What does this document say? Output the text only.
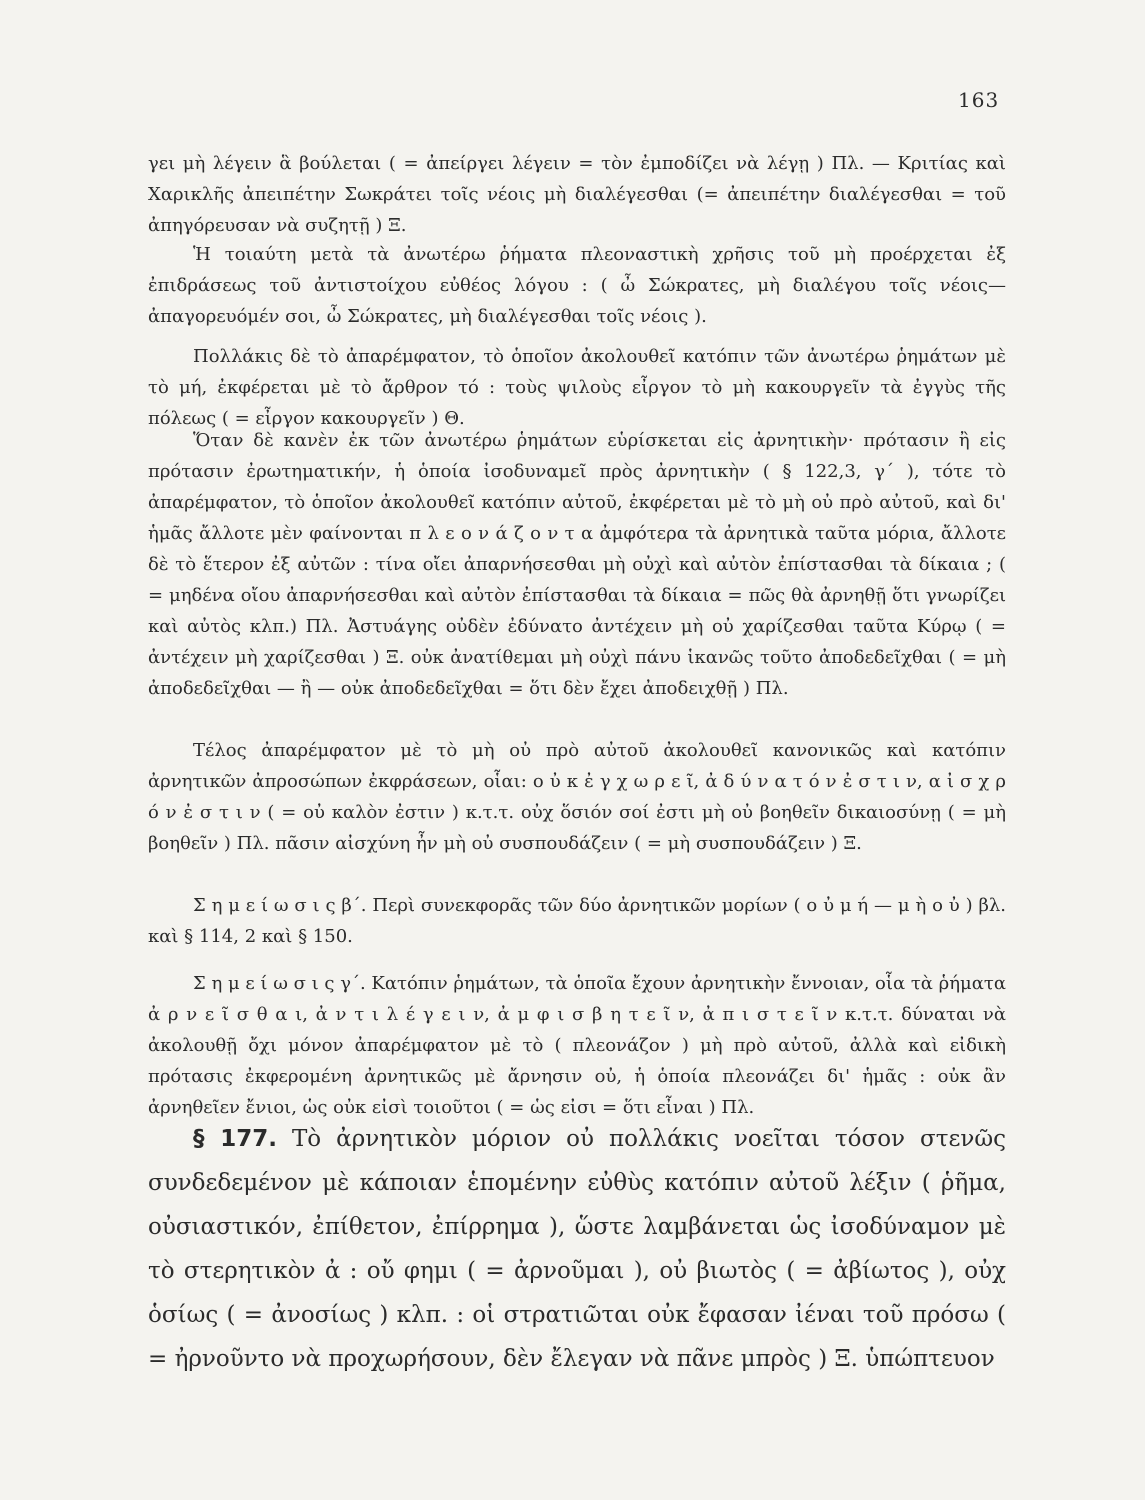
163

γει μὴ λέγειν ἃ βούλεται ( = ἀπείργει λέγειν = τὸν ἐμποδίζει νὰ λέγῃ ) Πλ. — Κριτίας καὶ Χαρικλῆς ἀπειπέτην Σωκράτει τοῖς νέοις μὴ διαλέγεσθαι (= ἀπειπέτην διαλέγεσθαι = τοῦ ἀπηγόρευσαν νὰ συζητῇ ) Ξ.

Ἡ τοιαύτη μετὰ τὰ ἀνωτέρω ῥήματα πλεοναστικὴ χρῆσις τοῦ μὴ προέρχεται ἐξ ἐπιδράσεως τοῦ ἀντιστοίχου εὐθέος λόγου : ( ὦ Σώκρατες, μὴ διαλέγου τοῖς νέοις—ἀπαγορευόμέν σοι, ὦ Σώκρατες, μὴ διαλέγεσθαι τοῖς νέοις ).

Πολλάκις δὲ τὸ ἀπαρέμφατον, τὸ ὁποῖον ἀκολουθεῖ κατόπιν τῶν ἀνωτέρω ῥημάτων μὲ τὸ μή, ἐκφέρεται μὲ τὸ ἄρθρον τό : τοὺς ψιλοὺς εἶργον τὸ μὴ κακουργεῖν τὰ ἐγγὺς τῆς πόλεως ( = εἶργον κακουργεῖν ) Θ.

Ὅταν δὲ κανὲν ἐκ τῶν ἀνωτέρω ῥημάτων εὑρίσκεται εἰς ἀρνητικὴν· πρότασιν ἢ εἰς πρότασιν ἐρωτηματικήν, ἡ ὁποία ἰσοδυναμεῖ πρὸς ἀρνητικὴν ( § 122,3, γ΄ ), τότε τὸ ἀπαρέμφατον, τὸ ὁποῖον ἀκολουθεῖ κατόπιν αὐτοῦ, ἐκφέρεται μὲ τὸ μὴ οὐ πρὸ αὐτοῦ, καὶ δι' ἡμᾶς ἄλλοτε μὲν φαίνονται π λ ε ο ν ά ζ ο ν τ α ἀμφότερα τὰ ἀρνητικὰ ταῦτα μόρια, ἄλλοτε δὲ τὸ ἕτερον ἐξ αὐτῶν : τίνα οἴει ἀπαρνήσεσθαι μὴ οὐχὶ καὶ αὐτὸν ἐπίστασθαι τὰ δίκαια ; ( = μηδένα οἴου ἀπαρνήσεσθαι καὶ αὐτὸν ἐπίστασθαι τὰ δίκαια = πῶς θὰ ἀρνηθῇ ὅτι γνωρίζει καὶ αὐτὸς κλπ.) Πλ. Ἀστυάγης οὐδὲν ἐδύνατο ἀντέχειν μὴ οὐ χαρίζεσθαι ταῦτα Κύρῳ ( = ἀντέχειν μὴ χαρίζεσθαι ) Ξ. οὐκ ἀνατίθεμαι μὴ οὐχὶ πάνυ ἱκανῶς τοῦτο ἀποδεδεῖχθαι ( = μὴ ἀποδεδεῖχθαι — ἢ — οὐκ ἀποδεδεῖχθαι = ὅτι δὲν ἔχει ἀποδειχθῇ ) Πλ.

Τέλος ἀπαρέμφατον μὲ τὸ μὴ οὐ πρὸ αὐτοῦ ἀκολουθεῖ κανονικῶς καὶ κατόπιν ἀρνητικῶν ἀπροσώπων ἐκφράσεων, οἷαι: ο ὐ κ ἐ γ χ ω ρ ε ῖ, ἀ δ ύ ν α τ ό ν ἐ σ τ ι ν, α ἰ σ χ ρ ό ν ἐ σ τ ι ν ( = οὐ καλὸν ἐστιν ) κ.τ.τ. οὐχ ὅσιόν σοί ἐστι μὴ οὐ βοηθεῖν δικαιοσύνῃ ( = μὴ βοηθεῖν ) Πλ. πᾶσιν αἰσχύνη ἦν μὴ οὐ συσπουδάζειν ( = μὴ συσπουδάζειν ) Ξ.

Σ η μ ε ί ω σ ι ς β΄. Περὶ συνεκφορᾶς τῶν δύο ἀρνητικῶν μορίων ( ο ὐ μ ή — μ ὴ ο ὐ ) βλ. καὶ § 114, 2 καὶ § 150.

Σ η μ ε ί ω σ ι ς γ΄. Κατόπιν ῥημάτων, τὰ ὁποῖα ἔχουν ἀρνητικὴν ἔννοιαν, οἷα τὰ ῥήματα ἀ ρ ν ε ῖ σ θ α ι, ἀ ν τ ι λ έ γ ε ι ν, ἀ μ φ ι σ β η τ ε ῖ ν, ἀ π ι σ τ ε ῖ ν κ.τ.τ. δύναται νὰ ἀκολουθῇ ὄχι μόνον ἀπαρέμφατον μὲ τὸ ( πλεονάζον ) μὴ πρὸ αὐτοῦ, ἀλλὰ καὶ εἰδικὴ πρότασις ἐκφερομένη ἀρνητικῶς μὲ ἄρνησιν οὐ, ἡ ὁποία πλεονάζει δι' ἡμᾶς : οὐκ ἂν ἀρνηθεῖεν ἔνιοι, ὡς οὐκ εἰσὶ τοιοῦτοι ( = ὡς εἰσι = ὅτι εἶναι ) Πλ.

§ 177. Τὸ ἀρνητικὸν μόριον οὐ πολλάκις νοεῖται τόσον στενῶς συνδεδεμένον μὲ κάποιαν ἑπομένην εὐθὺς κατόπιν αὐτοῦ λέξιν ( ῥῆμα, οὐσιαστικόν, ἐπίθετον, ἐπίρρημα ), ὥστε λαμβάνεται ὡς ἰσοδύναμον μὲ τὸ στερητικὸν ἀ : οὔ φημι ( = ἀρνοῦμαι ), οὐ βιωτὸς ( = ἀβίωτος ), οὐχ ὁσίως ( = ἀνοσίως ) κλπ. : οἱ στρατιῶται οὐκ ἔφασαν ἰέναι τοῦ πρόσω ( = ἠρνοῦντο νὰ προχωρήσουν, δὲν ἔλεγαν νὰ πᾶνε μπρὸς ) Ξ. ὑπώπτευον
